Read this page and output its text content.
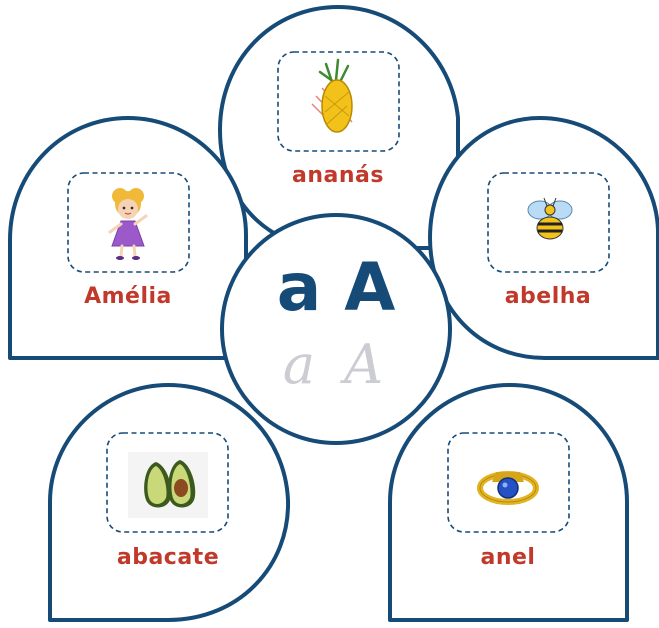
ananás
Amélia	abelha
abacate	anel
a A
a A
